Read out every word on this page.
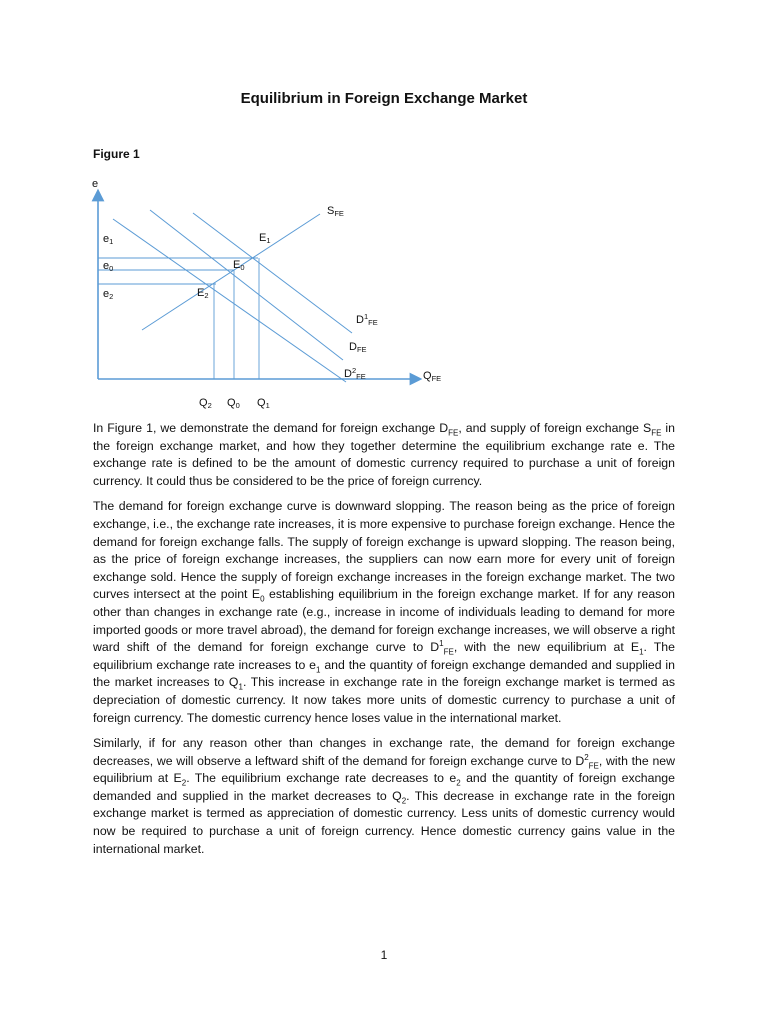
Equilibrium in Foreign Exchange Market
Figure 1
e
QFE
e1
e0
e2
E1
E0
E2
SFE
$D^1_{FE}$
DFE
$D^2_{FE}$
Q2 Q0 Q1

In Figure 1, we demonstrate the demand for foreign exchange $D_{FE}$, and supply of foreign exchange $S_{FE}$ in the foreign exchange market, and how they together determine the equilibrium exchange rate e. The exchange rate is defined to be the amount of domestic currency required to purchase a unit of foreign currency. It could thus be considered to be the price of foreign currency.

The demand for foreign exchange curve is downward slopping. The reason being as the price of foreign exchange, i.e., the exchange rate increases, it is more expensive to purchase foreign exchange. Hence the demand for foreign exchange falls. The supply of foreign exchange is upward slopping. The reason being, as the price of foreign exchange increases, the suppliers can now earn more for every unit of foreign exchange sold. Hence the supply of foreign exchange increases in the foreign exchange market. The two curves intersect at the point $E_0$ establishing equilibrium in the foreign exchange market. If for any reason other than changes in exchange rate (e.g., increase in income of individuals leading to demand for more imported goods or more travel abroad), the demand for foreign exchange increases, we will observe a right ward shift of the demand for foreign exchange curve to $D^1_{FE}$, with the new equilibrium at $E_1$. The equilibrium exchange rate increases to $e_1$ and the quantity of foreign exchange demanded and supplied in the market increases to $Q_1$. This increase in exchange rate in the foreign exchange market is termed as depreciation of domestic currency. It now takes more units of domestic currency to purchase a unit of foreign currency. The domestic currency hence loses value in the international market.

Similarly, if for any reason other than changes in exchange rate, the demand for foreign exchange decreases, we will observe a leftward shift of the demand for foreign exchange curve to $D^2_{FE}$, with the new equilibrium at $E_2$. The equilibrium exchange rate decreases to $e_2$ and the quantity of foreign exchange demanded and supplied in the market decreases to $Q_2$. This decrease in exchange rate in the foreign exchange market is termed as appreciation of domestic currency. Less units of domestic currency would now be required to purchase a unit of foreign currency. Hence domestic currency gains value in the international market.

1
